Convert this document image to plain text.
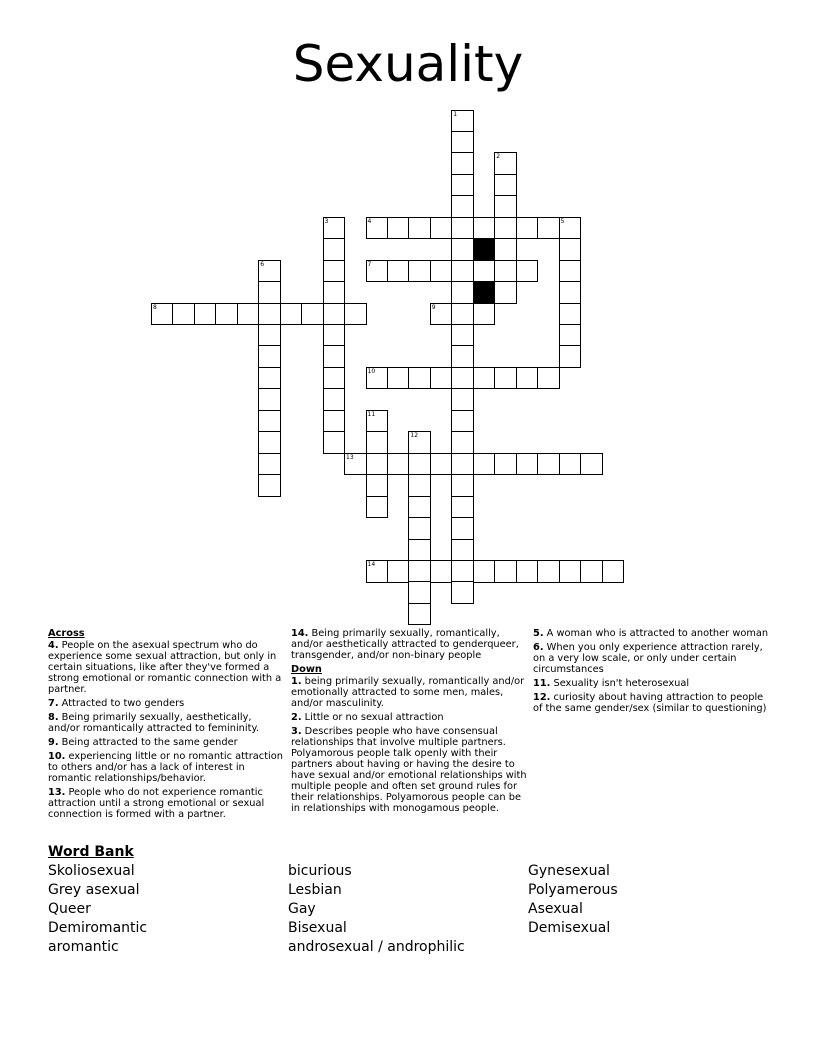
Sexuality
1
2
3	4	5
6	7
8	9
10
11
12
13
14
Across
4. People on the asexual spectrum who do experience some sexual attraction, but only in certain situations, like after they've formed a strong emotional or romantic connection with a partner.
7. Attracted to two genders
8. Being primarily sexually, aesthetically, and/or romantically attracted to femininity.
9. Being attracted to the same gender
10. experiencing little or no romantic attraction to others and/or has a lack of interest in romantic relationships/behavior.
13. People who do not experience romantic attraction until a strong emotional or sexual connection is formed with a partner.
14. Being primarily sexually, romantically, and/or aesthetically attracted to genderqueer, transgender, and/or non-binary people
Down
1. being primarily sexually, romantically and/or emotionally attracted to some men, males, and/or masculinity.
2. Little or no sexual attraction
3. Describes people who have consensual relationships that involve multiple partners. Polyamorous people talk openly with their partners about having or having the desire to have sexual and/or emotional relationships with multiple people and often set ground rules for their relationships. Polyamorous people can be in relationships with monogamous people.
5. A woman who is attracted to another woman
6. When you only experience attraction rarely, on a very low scale, or only under certain circumstances
11. Sexuality isn't heterosexual
12. curiosity about having attraction to people of the same gender/sex (similar to questioning)
Word Bank
Skoliosexual
Grey asexual
Queer
Demiromantic
aromantic
bicurious
Lesbian
Gay
Bisexual
androsexual / androphilic
Gynesexual
Polyamerous
Asexual
Demisexual
